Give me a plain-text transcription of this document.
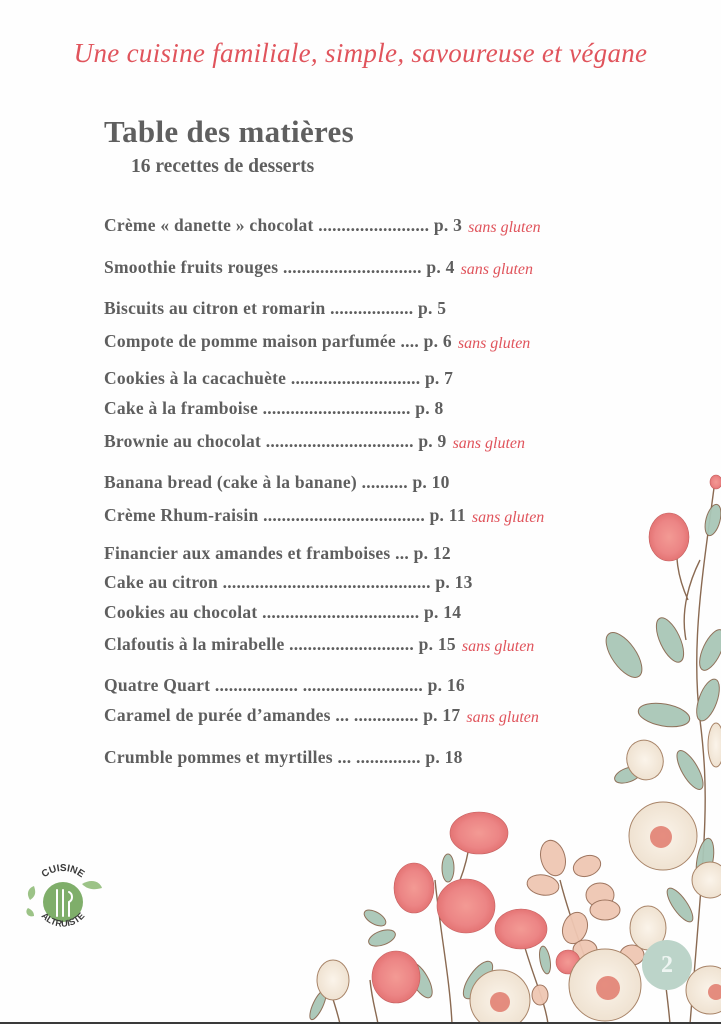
Une cuisine familiale, simple, savoureuse et végane
Table des matières
16 recettes de desserts
Crème « danette » chocolat ........................ p. 3 sans gluten
Smoothie fruits rouges .............................. p. 4 sans gluten
Biscuits au citron et romarin .................. p. 5
Compote de pomme maison parfumée .... p. 6 sans gluten
Cookies à la cacachuète ............................ p. 7
Cake à la framboise ................................ p. 8
Brownie au chocolat ................................ p. 9 sans gluten
Banana bread (cake à la banane) .......... p. 10
Crème Rhum-raisin ................................... p. 11 sans gluten
Financier aux amandes et framboises ... p. 12
Cake au citron ............................................. p. 13
Cookies au chocolat .................................. p. 14
Clafoutis à la mirabelle ........................... p. 15 sans gluten
Quatre Quart .................. .......................... p. 16
Caramel de purée d’amandes ... .............. p. 17 sans gluten
Crumble pommes et myrtilles ... .............. p. 18
CUISINE
ALTRUISTE
2
